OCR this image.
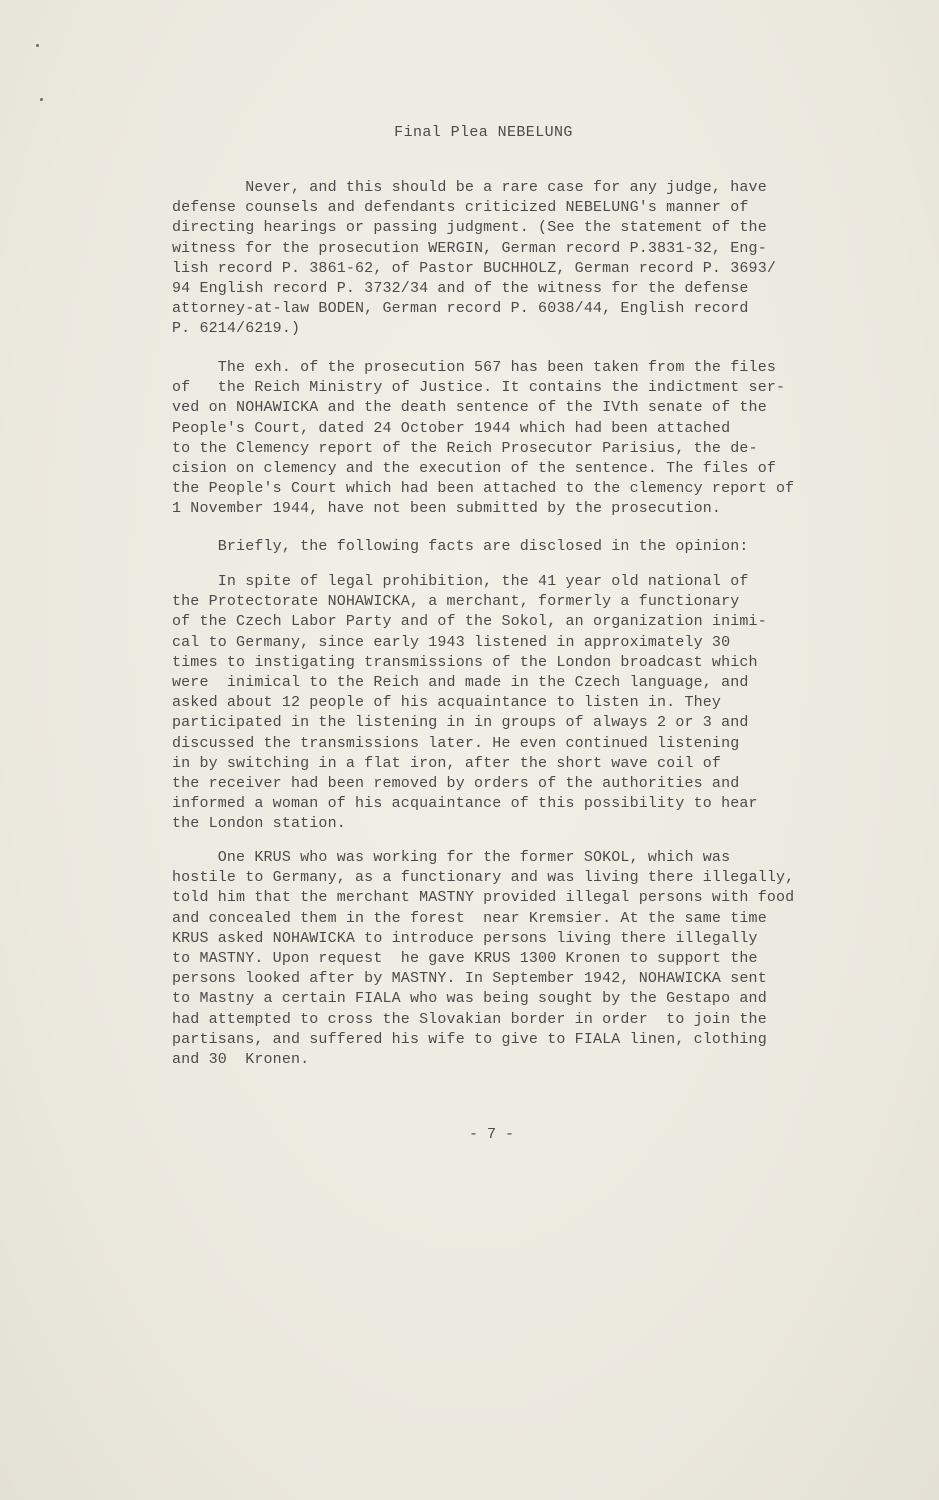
Final Plea NEBELUNG

Never, and this should be a rare case for any judge, have
defense counsels and defendants criticized NEBELUNG's manner of
directing hearings or passing judgment. (See the statement of the
witness for the prosecution WERGIN, German record P.3831-32, Eng-
lish record P. 3861-62, of Pastor BUCHHOLZ, German record P. 3693/
94 English record P. 3732/34 and of the witness for the defense
attorney-at-law BODEN, German record P. 6038/44, English record
P. 6214/6219.)

The exh. of the prosecution 567 has been taken from the files
of   the Reich Ministry of Justice. It contains the indictment ser-
ved on NOHAWICKA and the death sentence of the IVth senate of the
People's Court, dated 24 October 1944 which had been attached
to the Clemency report of the Reich Prosecutor Parisius, the de-
cision on clemency and the execution of the sentence. The files of
the People's Court which had been attached to the clemency report of
1 November 1944, have not been submitted by the prosecution.

Briefly, the following facts are disclosed in the opinion:

In spite of legal prohibition, the 41 year old national of
the Protectorate NOHAWICKA, a merchant, formerly a functionary
of the Czech Labor Party and of the Sokol, an organization inimi-
cal to Germany, since early 1943 listened in approximately 30
times to instigating transmissions of the London broadcast which
were  inimical to the Reich and made in the Czech language, and
asked about 12 people of his acquaintance to listen in. They
participated in the listening in in groups of always 2 or 3 and
discussed the transmissions later. He even continued listening
in by switching in a flat iron, after the short wave coil of
the receiver had been removed by orders of the authorities and
informed a woman of his acquaintance of this possibility to hear
the London station.

One KRUS who was working for the former SOKOL, which was
hostile to Germany, as a functionary and was living there illegally,
told him that the merchant MASTNY provided illegal persons with food
and concealed them in the forest  near Kremsier. At the same time
KRUS asked NOHAWICKA to introduce persons living there illegally
to MASTNY. Upon request  he gave KRUS 1300 Kronen to support the
persons looked after by MASTNY. In September 1942, NOHAWICKA sent
to Mastny a certain FIALA who was being sought by the Gestapo and
had attempted to cross the Slovakian border in order  to join the
partisans, and suffered his wife to give to FIALA linen, clothing
and 30  Kronen.

- 7 -
